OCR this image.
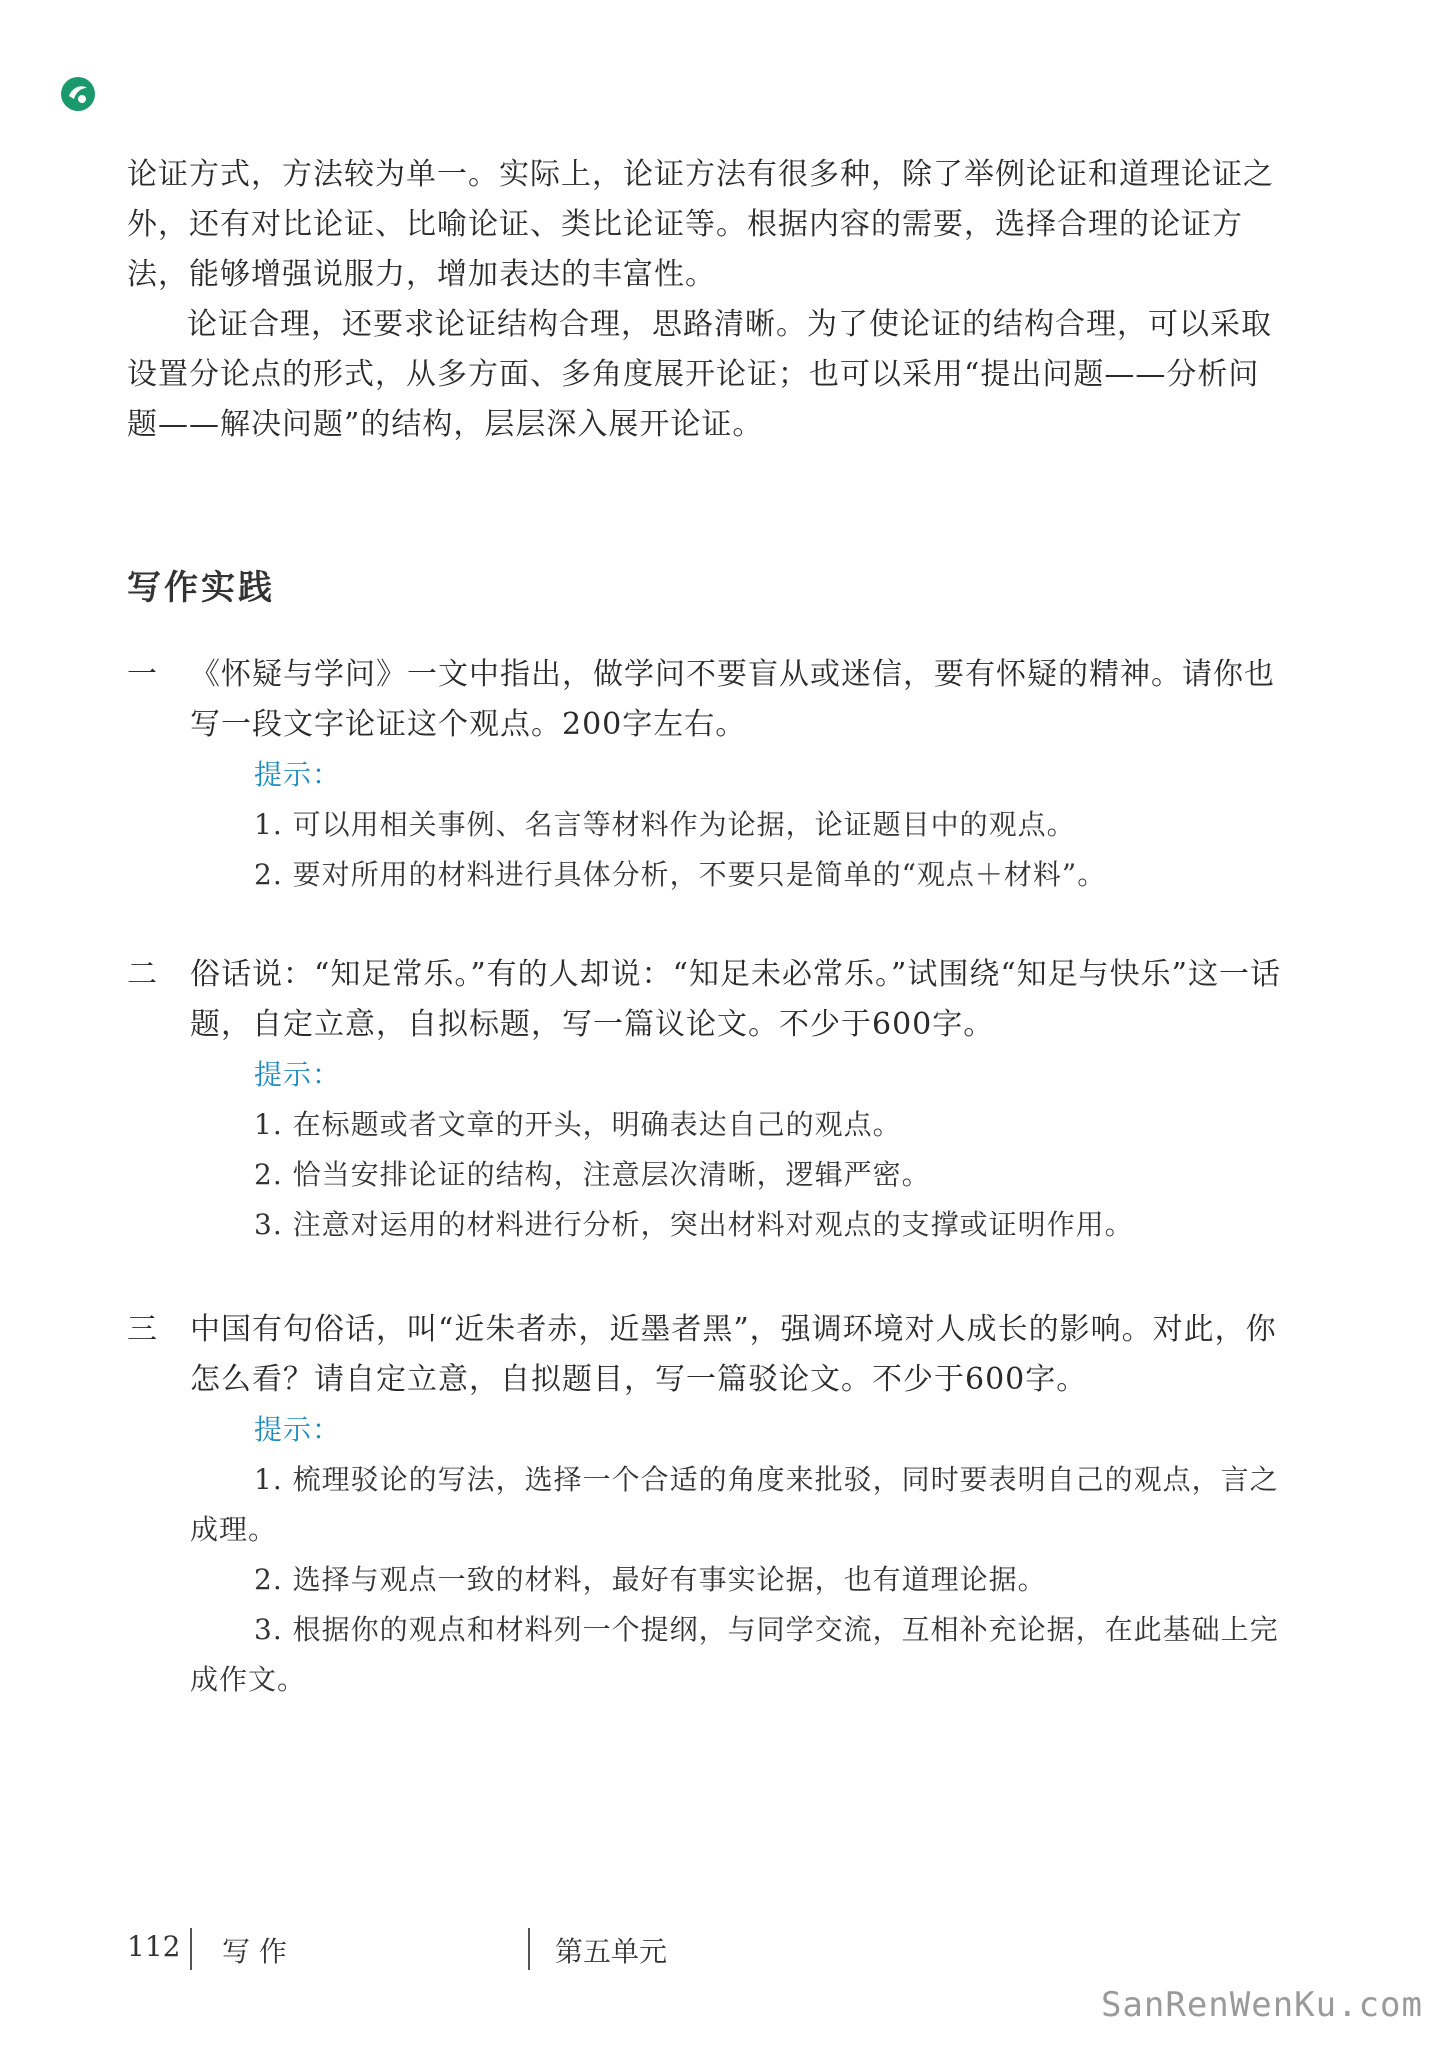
论证方式，方法较为单一。实际上，论证方法有很多种，除了举例论证和道理论证之外，还有对比论证、比喻论证、类比论证等。根据内容的需要，选择合理的论证方法，能够增强说服力，增加表达的丰富性。

论证合理，还要求论证结构合理，思路清晰。为了使论证的结构合理，可以采取设置分论点的形式，从多方面、多角度展开论证；也可以采用“提出问题——分析问题——解决问题”的结构，层层深入展开论证。

写作实践
一	《怀疑与学问》一文中指出，做学问不要盲从或迷信，要有怀疑的精神。请你也写一段文字论证这个观点。200字左右。
提示：
1. 可以用相关事例、名言等材料作为论据，论证题目中的观点。
2. 要对所用的材料进行具体分析，不要只是简单的“观点＋材料”。
二	俗话说：“知足常乐。”有的人却说：“知足未必常乐。”试围绕“知足与快乐”这一话题，自定立意，自拟标题，写一篇议论文。不少于600字。
提示：
1. 在标题或者文章的开头，明确表达自己的观点。
2. 恰当安排论证的结构，注意层次清晰，逻辑严密。
3. 注意对运用的材料进行分析，突出材料对观点的支撑或证明作用。
三	中国有句俗话，叫“近朱者赤，近墨者黑”，强调环境对人成长的影响。对此，你怎么看？请自定立意，自拟题目，写一篇驳论文。不少于600字。
提示：
1. 梳理驳论的写法，选择一个合适的角度来批驳，同时要表明自己的观点，言之成理。
2. 选择与观点一致的材料，最好有事实论据，也有道理论据。
3. 根据你的观点和材料列一个提纲，与同学交流，互相补充论据，在此基础上完成作文。
112 写 作	第五单元
SanRenWenKu.com
